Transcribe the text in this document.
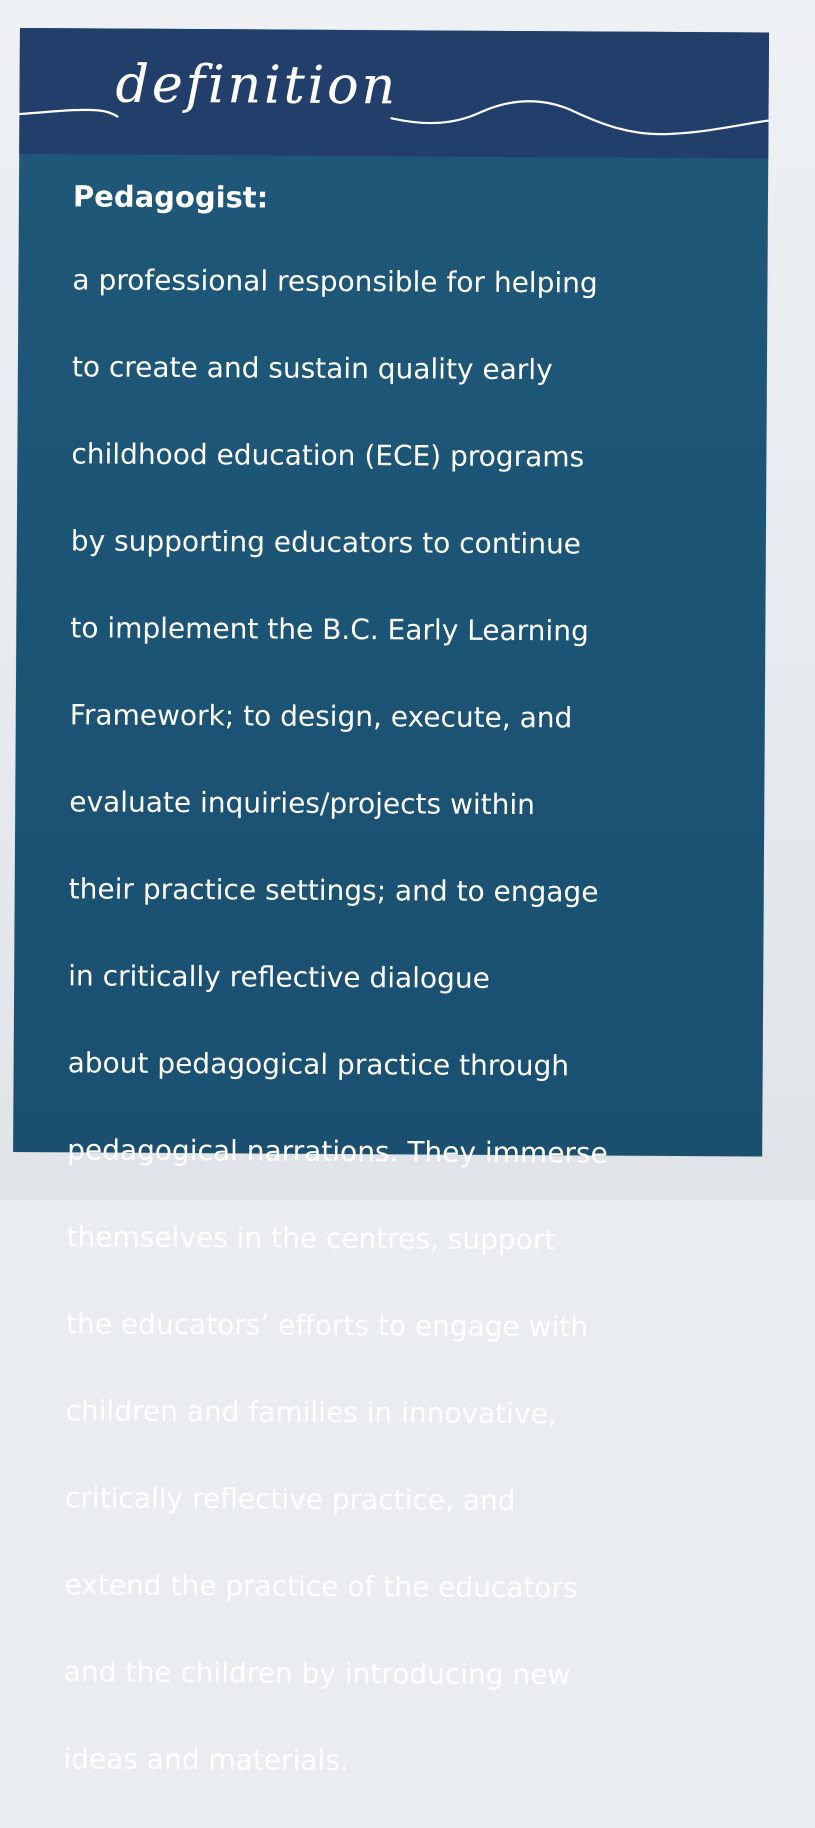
definition

Pedagogist:

a professional responsible for helping

to create and sustain quality early

childhood education (ECE) programs

by supporting educators to continue

to implement the B.C. Early Learning

Framework; to design, execute, and

evaluate inquiries/projects within

their practice settings; and to engage

in critically reflective dialogue

about pedagogical practice through

pedagogical narrations. They immerse

themselves in the centres, support

the educators’ efforts to engage with

children and families in innovative,

critically reflective practice, and

extend the practice of the educators

and the children by introducing new

ideas and materials.
